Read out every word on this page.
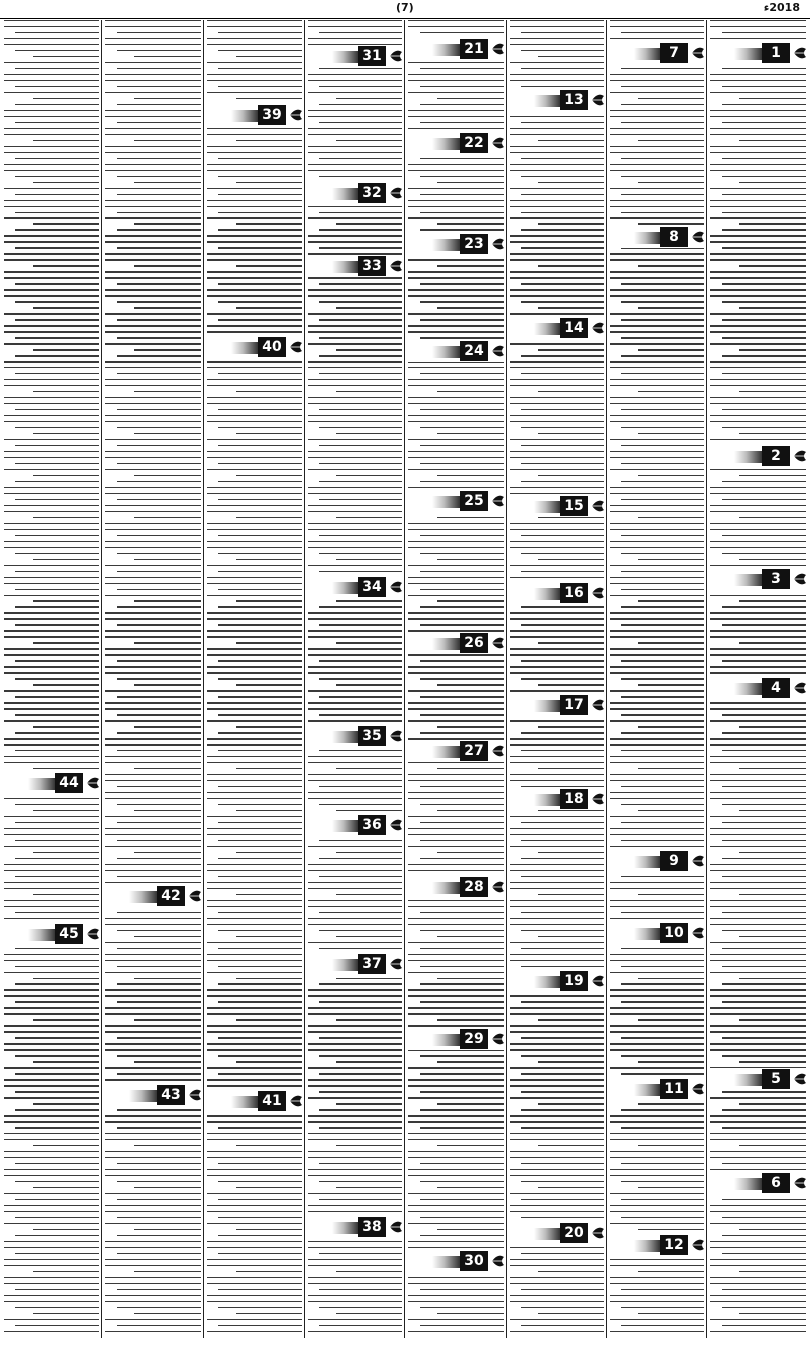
(7)	2018ء
1
2
3
4
5
6
7
8
9
10
11
12
13
14
15
16
17
18
19
20
21
22
23
24
25
26
27
28
29
30
31
32
33
34
35
36
37
38
39
40
41
42
43
44
45
